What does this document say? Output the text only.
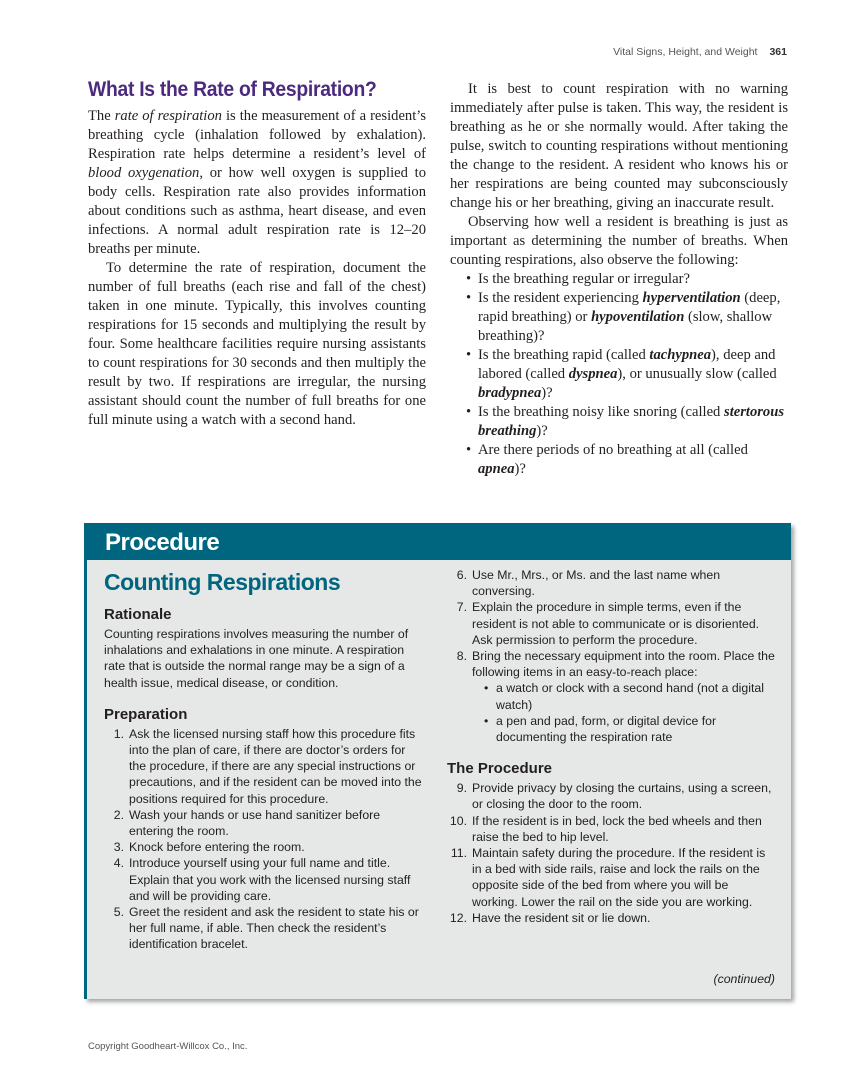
Vital Signs, Height, and Weight 361
What Is the Rate of Respiration?

The rate of respiration is the measurement of a resident’s breathing cycle (inhalation followed by exhalation). Respiration rate helps determine a resident’s level of blood oxygenation, or how well oxygen is supplied to body cells. Respiration rate also provides information about conditions such as asthma, heart disease, and even infections. A normal adult respiration rate is 12–20 breaths per minute.

To determine the rate of respiration, document the number of full breaths (each rise and fall of the chest) taken in one minute. Typically, this involves counting respirations for 15 seconds and multiplying the result by four. Some healthcare facilities require nursing assistants to count respirations for 30 seconds and then multiply the result by two. If respirations are irregular, the nursing assistant should count the number of full breaths for one full minute using a watch with a second hand.

It is best to count respiration with no warning immediately after pulse is taken. This way, the resident is breathing as he or she normally would. After taking the pulse, switch to counting respirations without mentioning the change to the resident. A resident who knows his or her respirations are being counted may subconsciously change his or her breathing, giving an inaccurate result.

Observing how well a resident is breathing is just as important as determining the number of breaths. When counting respirations, also observe the following:

• Is the breathing regular or irregular?
• Is the resident experiencing hyperventilation (deep, rapid breathing) or hypoventilation (slow, shallow breathing)?
• Is the breathing rapid (called tachypnea), deep and labored (called dyspnea), or unusually slow (called bradypnea)?
• Is the breathing noisy like snoring (called stertorous breathing)?
• Are there periods of no breathing at all (called apnea)?
Procedure
Counting Respirations
Rationale
Counting respirations involves measuring the number of inhalations and exhalations in one minute. A respiration rate that is outside the normal range may be a sign of a health issue, medical disease, or condition.
Preparation
1. Ask the licensed nursing staff how this procedure fits into the plan of care, if there are doctor’s orders for the procedure, if there are any special instructions or precautions, and if the resident can be moved into the positions required for this procedure.
2. Wash your hands or use hand sanitizer before entering the room.
3. Knock before entering the room.
4. Introduce yourself using your full name and title. Explain that you work with the licensed nursing staff and will be providing care.
5. Greet the resident and ask the resident to state his or her full name, if able. Then check the resident’s identification bracelet.
6. Use Mr., Mrs., or Ms. and the last name when conversing.
7. Explain the procedure in simple terms, even if the resident is not able to communicate or is disoriented. Ask permission to perform the procedure.
8. Bring the necessary equipment into the room. Place the following items in an easy-to-reach place:
• a watch or clock with a second hand (not a digital watch)
• a pen and pad, form, or digital device for documenting the respiration rate
The Procedure
9. Provide privacy by closing the curtains, using a screen, or closing the door to the room.
10. If the resident is in bed, lock the bed wheels and then raise the bed to hip level.
11. Maintain safety during the procedure. If the resident is in a bed with side rails, raise and lock the rails on the opposite side of the bed from where you will be working. Lower the rail on the side you are working.
12. Have the resident sit or lie down.
(continued)
Copyright Goodheart-Willcox Co., Inc.
